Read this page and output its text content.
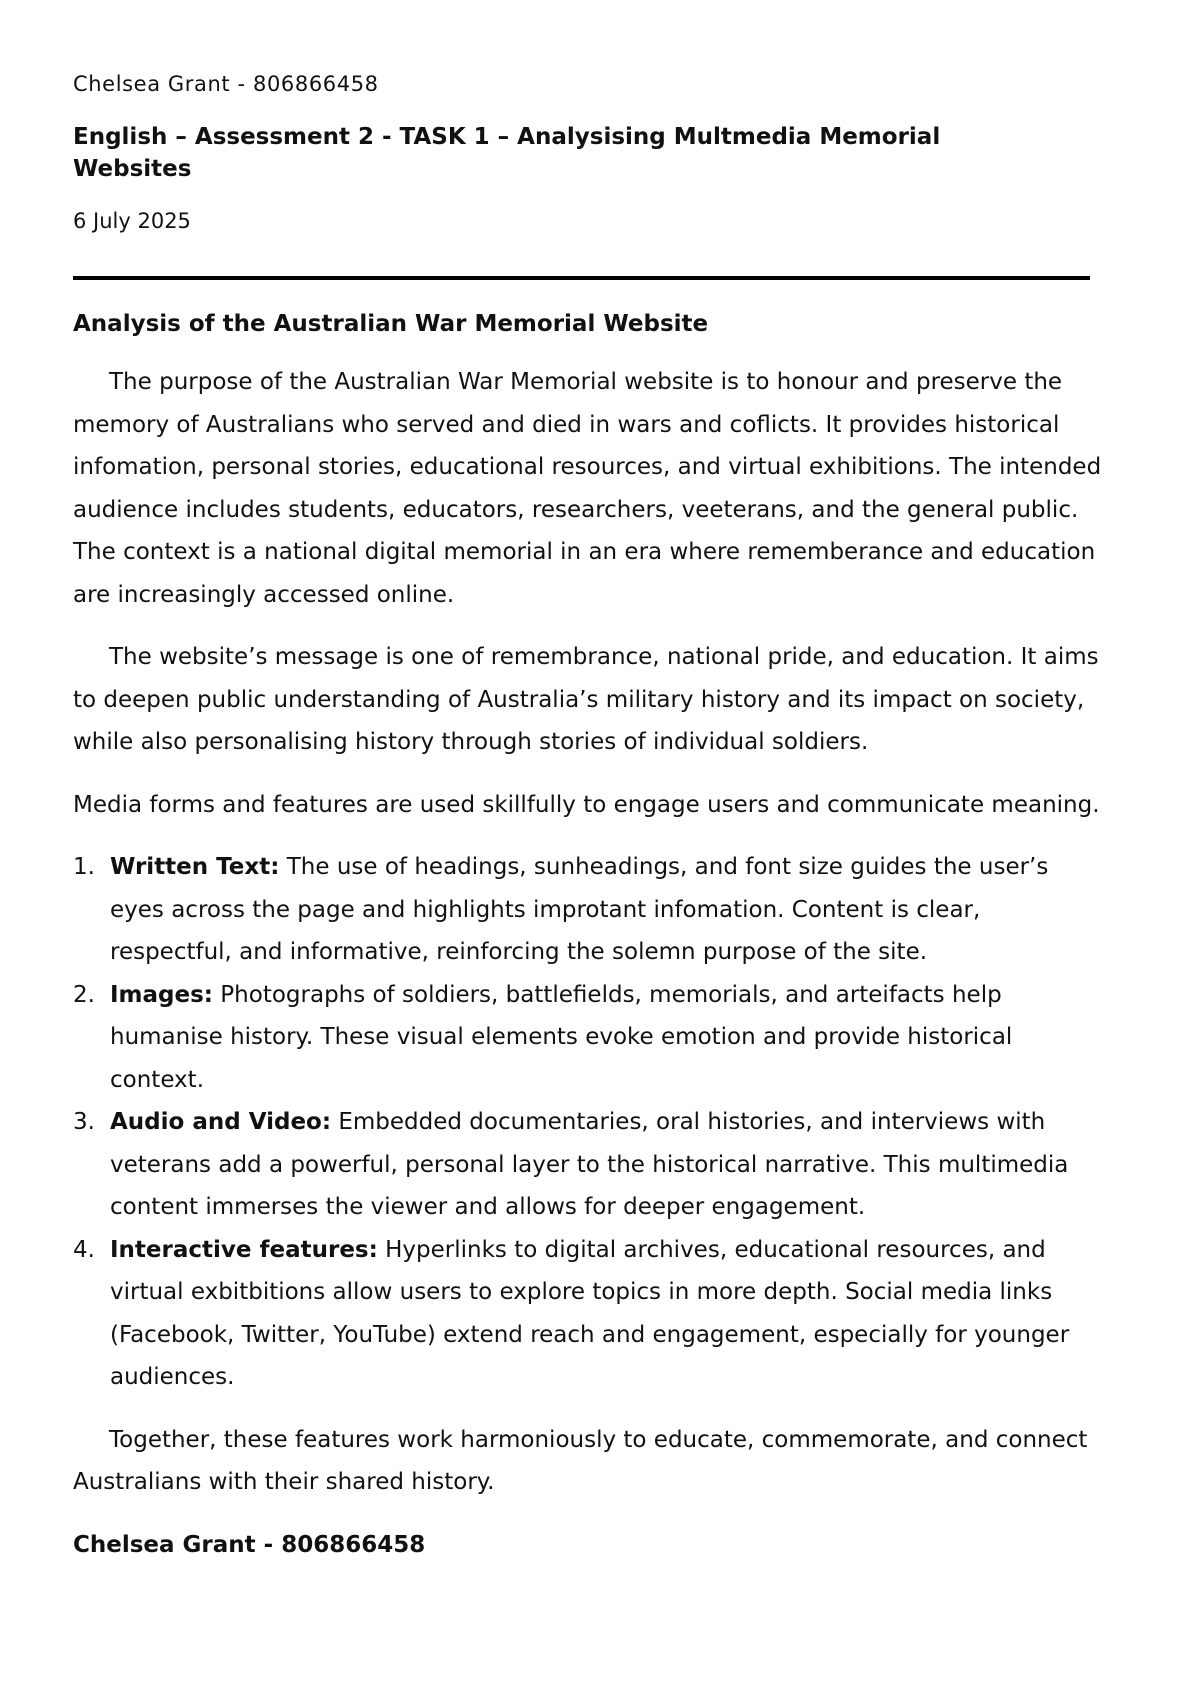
Chelsea Grant - 806866458
English – Assessment 2 - TASK 1 – Analysising Multmedia Memorial Websites
6 July 2025
Analysis of the Australian War Memorial Website

The purpose of the Australian War Memorial website is to honour and preserve the memory of Australians who served and died in wars and coflicts. It provides historical infomation, personal stories, educational resources, and virtual exhibitions. The intended audience includes students, educators, researchers, veeterans, and the general public. The context is a national digital memorial in an era where rememberance and education are increasingly accessed online.

The website’s message is one of remembrance, national pride, and education. It aims to deepen public understanding of Australia’s military history and its impact on society, while also personalising history through stories of individual soldiers.

Media forms and features are used skillfully to engage users and communicate meaning.

1. Written Text: The use of headings, sunheadings, and font size guides the user’s eyes across the page and highlights improtant infomation. Content is clear, respectful, and informative, reinforcing the solemn purpose of the site.
2. Images: Photographs of soldiers, battlefields, memorials, and arteifacts help humanise history. These visual elements evoke emotion and provide historical context.
3. Audio and Video: Embedded documentaries, oral histories, and interviews with veterans add a powerful, personal layer to the historical narrative. This multimedia content immerses the viewer and allows for deeper engagement.
4. Interactive features: Hyperlinks to digital archives, educational resources, and virtual exbitbitions allow users to explore topics in more depth. Social media links (Facebook, Twitter, YouTube) extend reach and engagement, especially for younger audiences.

Together, these features work harmoniously to educate, commemorate, and connect Australians with their shared history.

Chelsea Grant - 806866458
